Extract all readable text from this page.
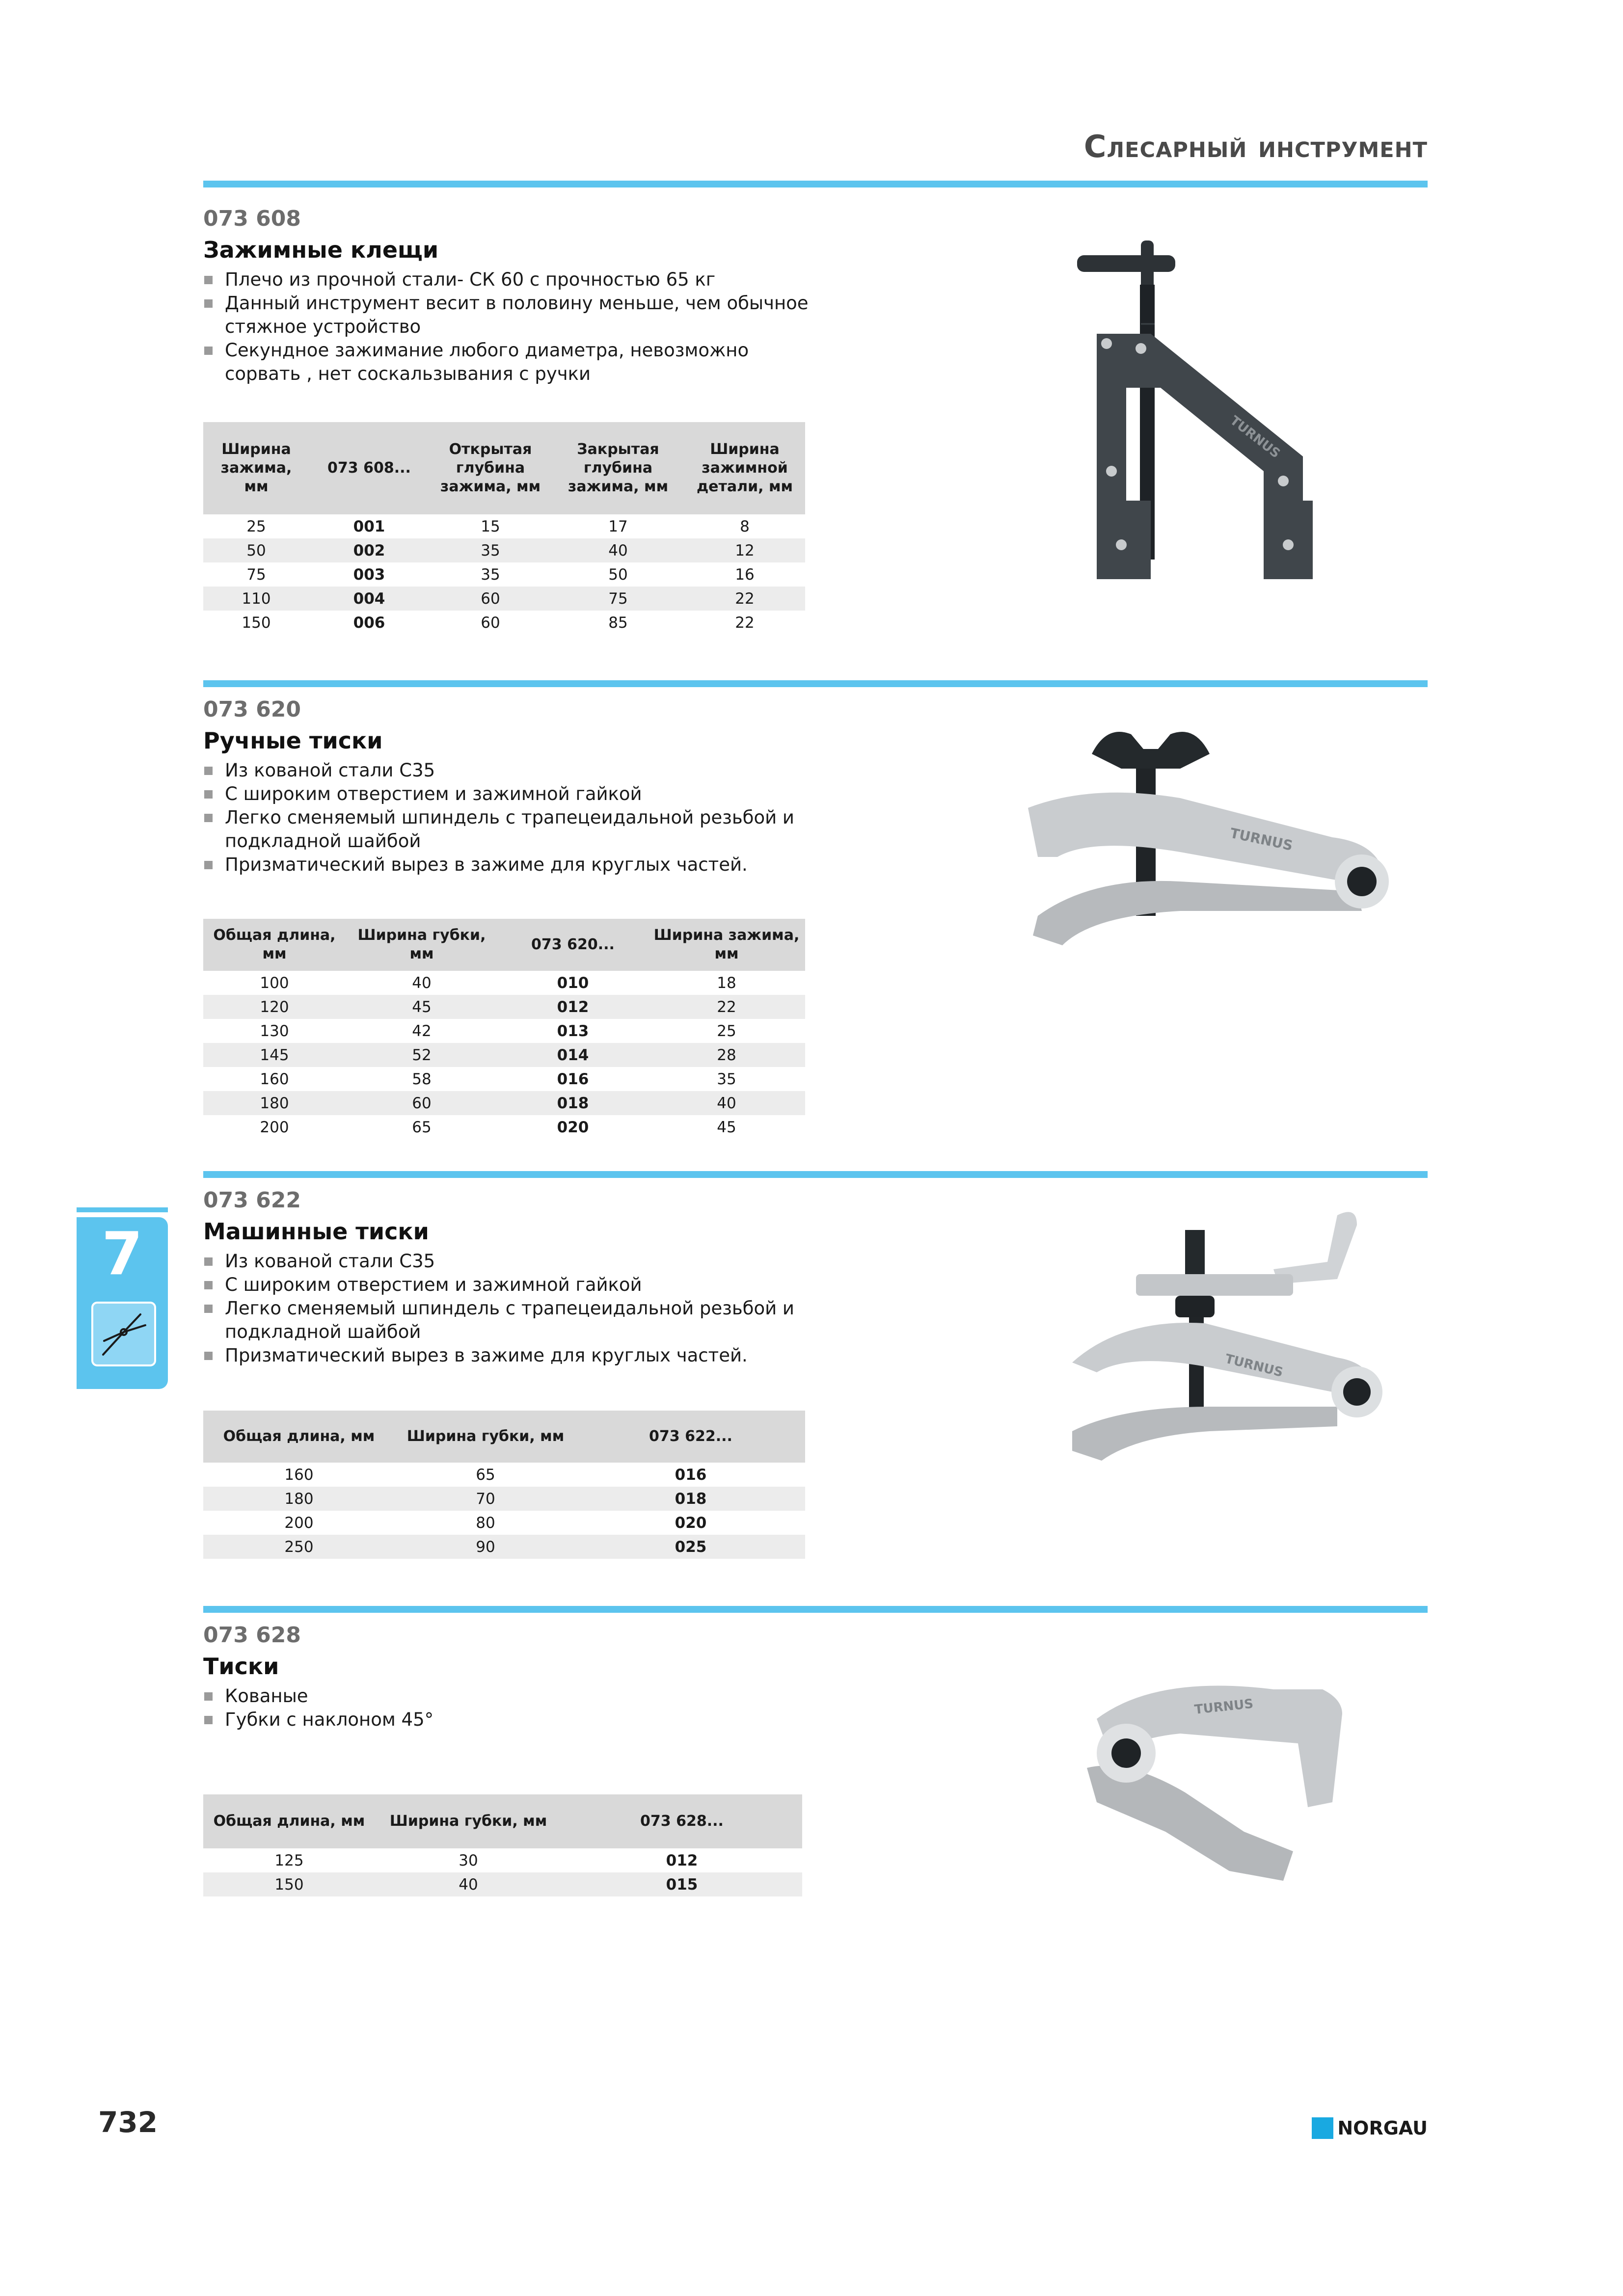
Слесарный инструмент
073 608
Зажимные клещи
Плечо из прочной стали- СК 60 с прочностью 65 кг
Данный инструмент весит в половину меньше, чем обычное стяжное устройство
Секундное зажимание любого диаметра, невозможно сорвать , нет соскальзывания с ручки
Ширина зажима, мм	073 608...	Открытая глубина зажима, мм	Закрытая глубина зажима, мм	Ширина зажимной детали, мм
25	001	15	17	8
50	002	35	40	12
75	003	35	50	16
110	004	60	75	22
150	006	60	85	22
TURNUS
073 620
Ручные тиски
Из кованой стали С35
С широким отверстием и зажимной гайкой
Легко сменяемый шпиндель с трапецеидальной резьбой и подкладной шайбой
Призматический вырез в зажиме для круглых частей.
Общая длина, мм	Ширина губки, мм	073 620...	Ширина зажима, мм
100	40	010	18
120	45	012	22
130	42	013	25
145	52	014	28
160	58	016	35
180	60	018	40
200	65	020	45
TURNUS
073 622
Машинные тиски
Из кованой стали С35
С широким отверстием и зажимной гайкой
Легко сменяемый шпиндель с трапецеидальной резьбой и подкладной шайбой
Призматический вырез в зажиме для круглых частей.
Общая длина, мм	Ширина губки, мм	073 622...
160	65	016
180	70	018
200	80	020
250	90	025
TURNUS
073 628
Тиски
Кованые
Губки с наклоном 45°
Общая длина, мм	Ширина губки, мм	073 628...
125	30	012
150	40	015
TURNUS
7
732	NORGAU
